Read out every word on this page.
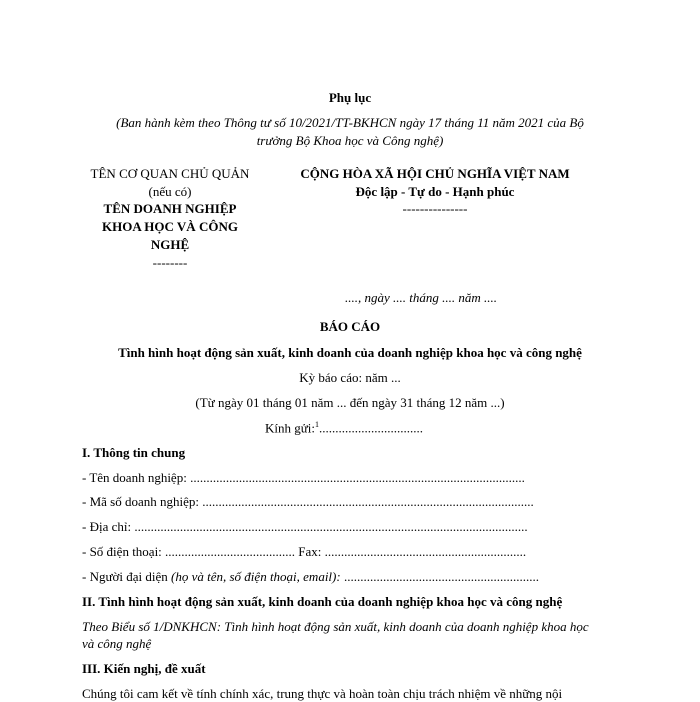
Phụ lục
(Ban hành kèm theo Thông tư số 10/2021/TT-BKHCN ngày 17 tháng 11 năm 2021 của Bộ
trưởng Bộ Khoa học và Công nghệ)
TÊN CƠ QUAN CHỦ QUẢN
(nếu có)
TÊN DOANH NGHIỆP
KHOA HỌC VÀ CÔNG
NGHỆ
--------
CỘNG HÒA XÃ HỘI CHỦ NGHĨA VIỆT NAM
Độc lập - Tự do - Hạnh phúc
---------------
...., ngày .... tháng .... năm ....
BÁO CÁO
Tình hình hoạt động sản xuất, kinh doanh của doanh nghiệp khoa học và công nghệ
Kỳ báo cáo: năm ...
(Từ ngày 01 tháng 01 năm ... đến ngày 31 tháng 12 năm ...)
Kính gửi:$^1$................................
I. Thông tin chung
- Tên doanh nghiệp: .......................................................................................................
- Mã số doanh nghiệp: ......................................................................................................
- Địa chỉ: .........................................................................................................................
- Số điện thoại: ........................................ Fax: ..............................................................
- Người đại diện (họ và tên, số điện thoại, email): ............................................................
II. Tình hình hoạt động sản xuất, kinh doanh của doanh nghiệp khoa học và công nghệ
Theo Biểu số 1/DNKHCN: Tình hình hoạt động sản xuất, kinh doanh của doanh nghiệp khoa học
và công nghệ
III. Kiến nghị, đề xuất
Chúng tôi cam kết về tính chính xác, trung thực và hoàn toàn chịu trách nhiệm về những nội
